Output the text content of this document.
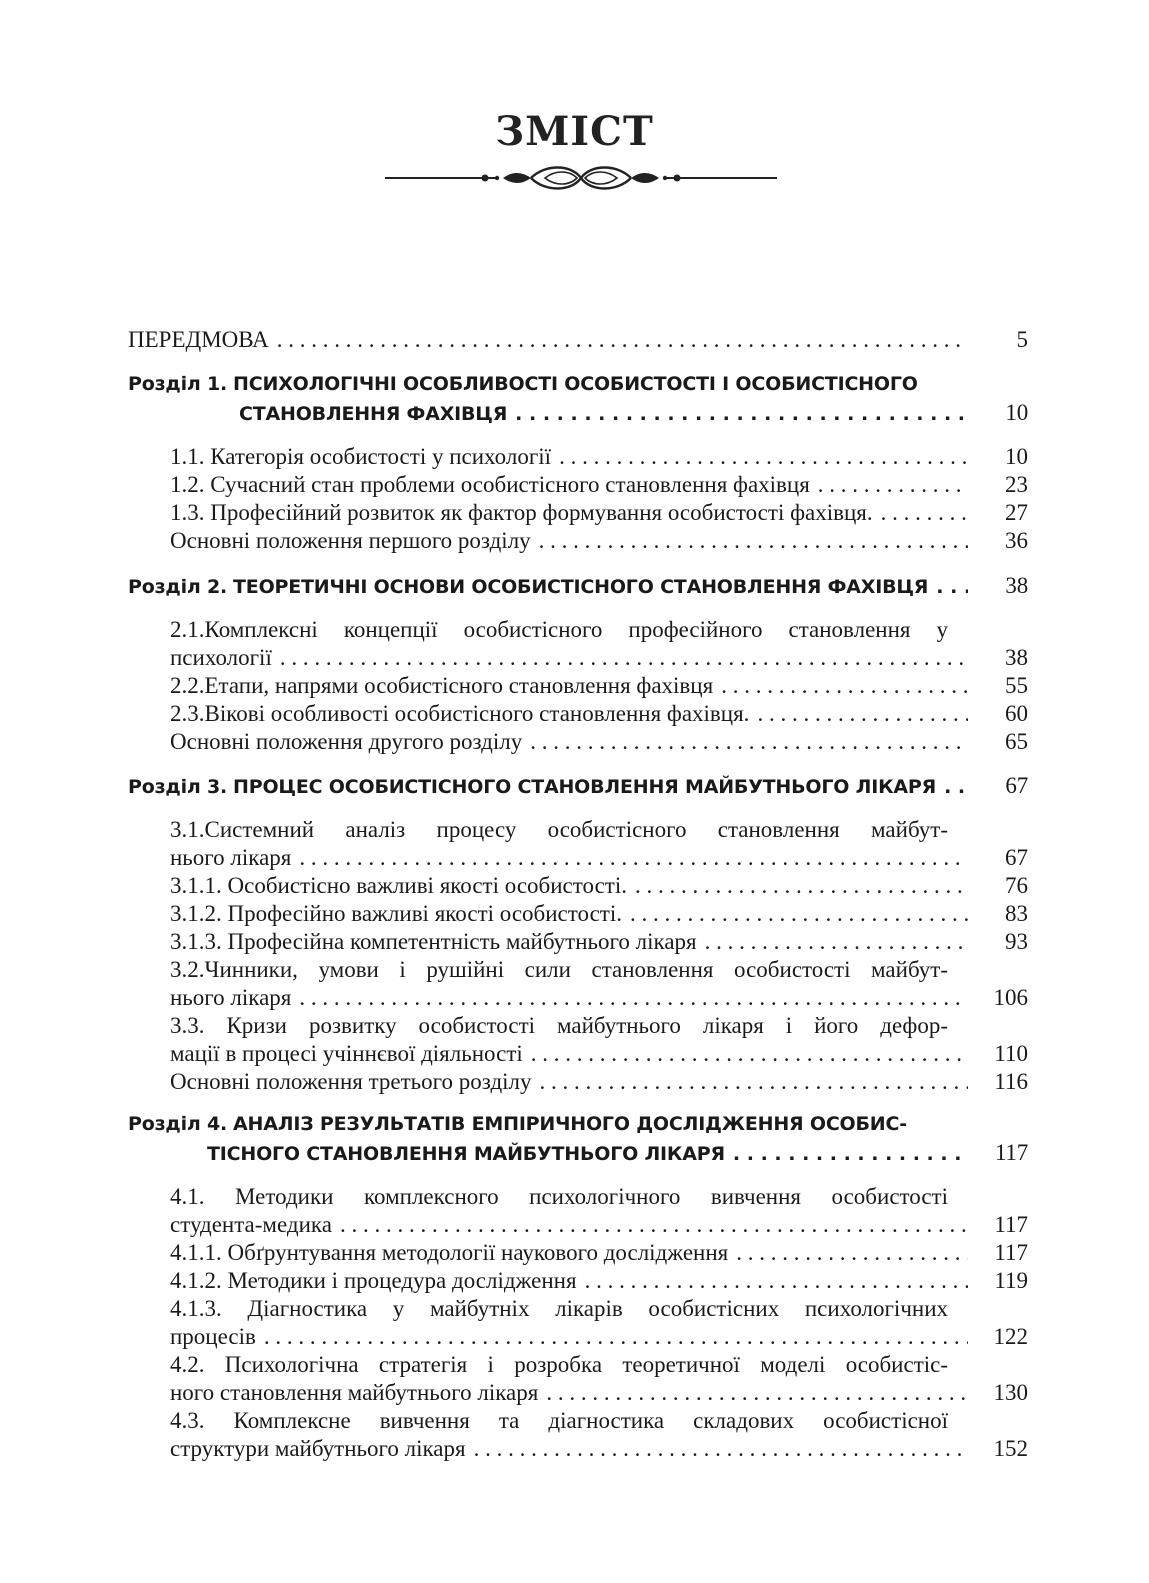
ЗМІСТ
ПЕРЕДМОВА . . .	5
Розділ 1. ПСИХОЛОГІЧНІ ОСОБЛИВОСТІ ОСОБИСТОСТІ І ОСОБИСТІСНОГО
СТАНОВЛЕННЯ ФАХІВЦЯ . . .	10
1.1. Категорія особистості у психології . . .	10
1.2. Сучасний стан проблеми особистісного становлення фахівця . . .	23
1.3. Професійний розвиток як фактор формування особистості фахівця. . . .	27
Основні положення першого розділу . . .	36
Розділ 2. ТЕОРЕТИЧНІ ОСНОВИ ОСОБИСТІСНОГО СТАНОВЛЕННЯ ФАХІВЦЯ . . .	38
2.1.Комплексні концепції особистісного професійного становлення у
психології . . .	38
2.2.Етапи, напрями особистісного становлення фахівця . . .	55
2.3.Вікові особливості особистісного становлення фахівця. . . .	60
Основні положення другого розділу . . .	65
Розділ 3. ПРОЦЕС ОСОБИСТІСНОГО СТАНОВЛЕННЯ МАЙБУТНЬОГО ЛІКАРЯ . . .	67
3.1.Системний аналіз процесу особистісного становлення майбут-
нього лікаря . . .	67
3.1.1. Особистісно важливі якості особистості. . . .	76
3.1.2. Професійно важливі якості особистості. . . .	83
3.1.3. Професійна компетентність майбутнього лікаря . . .	93
3.2.Чинники, умови і рушійні сили становлення особистості майбут-
нього лікаря . . .	106
3.3. Кризи розвитку особистості майбутнього лікаря і його дефор-
мації в процесі учіннєвої діяльності . . .	110
Основні положення третього розділу . . .	116
Розділ 4. АНАЛІЗ РЕЗУЛЬТАТІВ ЕМПІРИЧНОГО ДОСЛІДЖЕННЯ ОСОБИС-
ТІСНОГО СТАНОВЛЕННЯ МАЙБУТНЬОГО ЛІКАРЯ . . .	117
4.1. Методики комплексного психологічного вивчення особистості
студента-медика . . .	117
4.1.1. Обґрунтування методології наукового дослідження . . .	117
4.1.2. Методики і процедура дослідження . . .	119
4.1.3. Діагностика у майбутніх лікарів особистісних психологічних
процесів . . .	122
4.2. Психологічна стратегія і розробка теоретичної моделі особистіс-
ного становлення майбутнього лікаря . . .	130
4.3. Комплексне вивчення та діагностика складових особистісної
структури майбутнього лікаря . . .	152
